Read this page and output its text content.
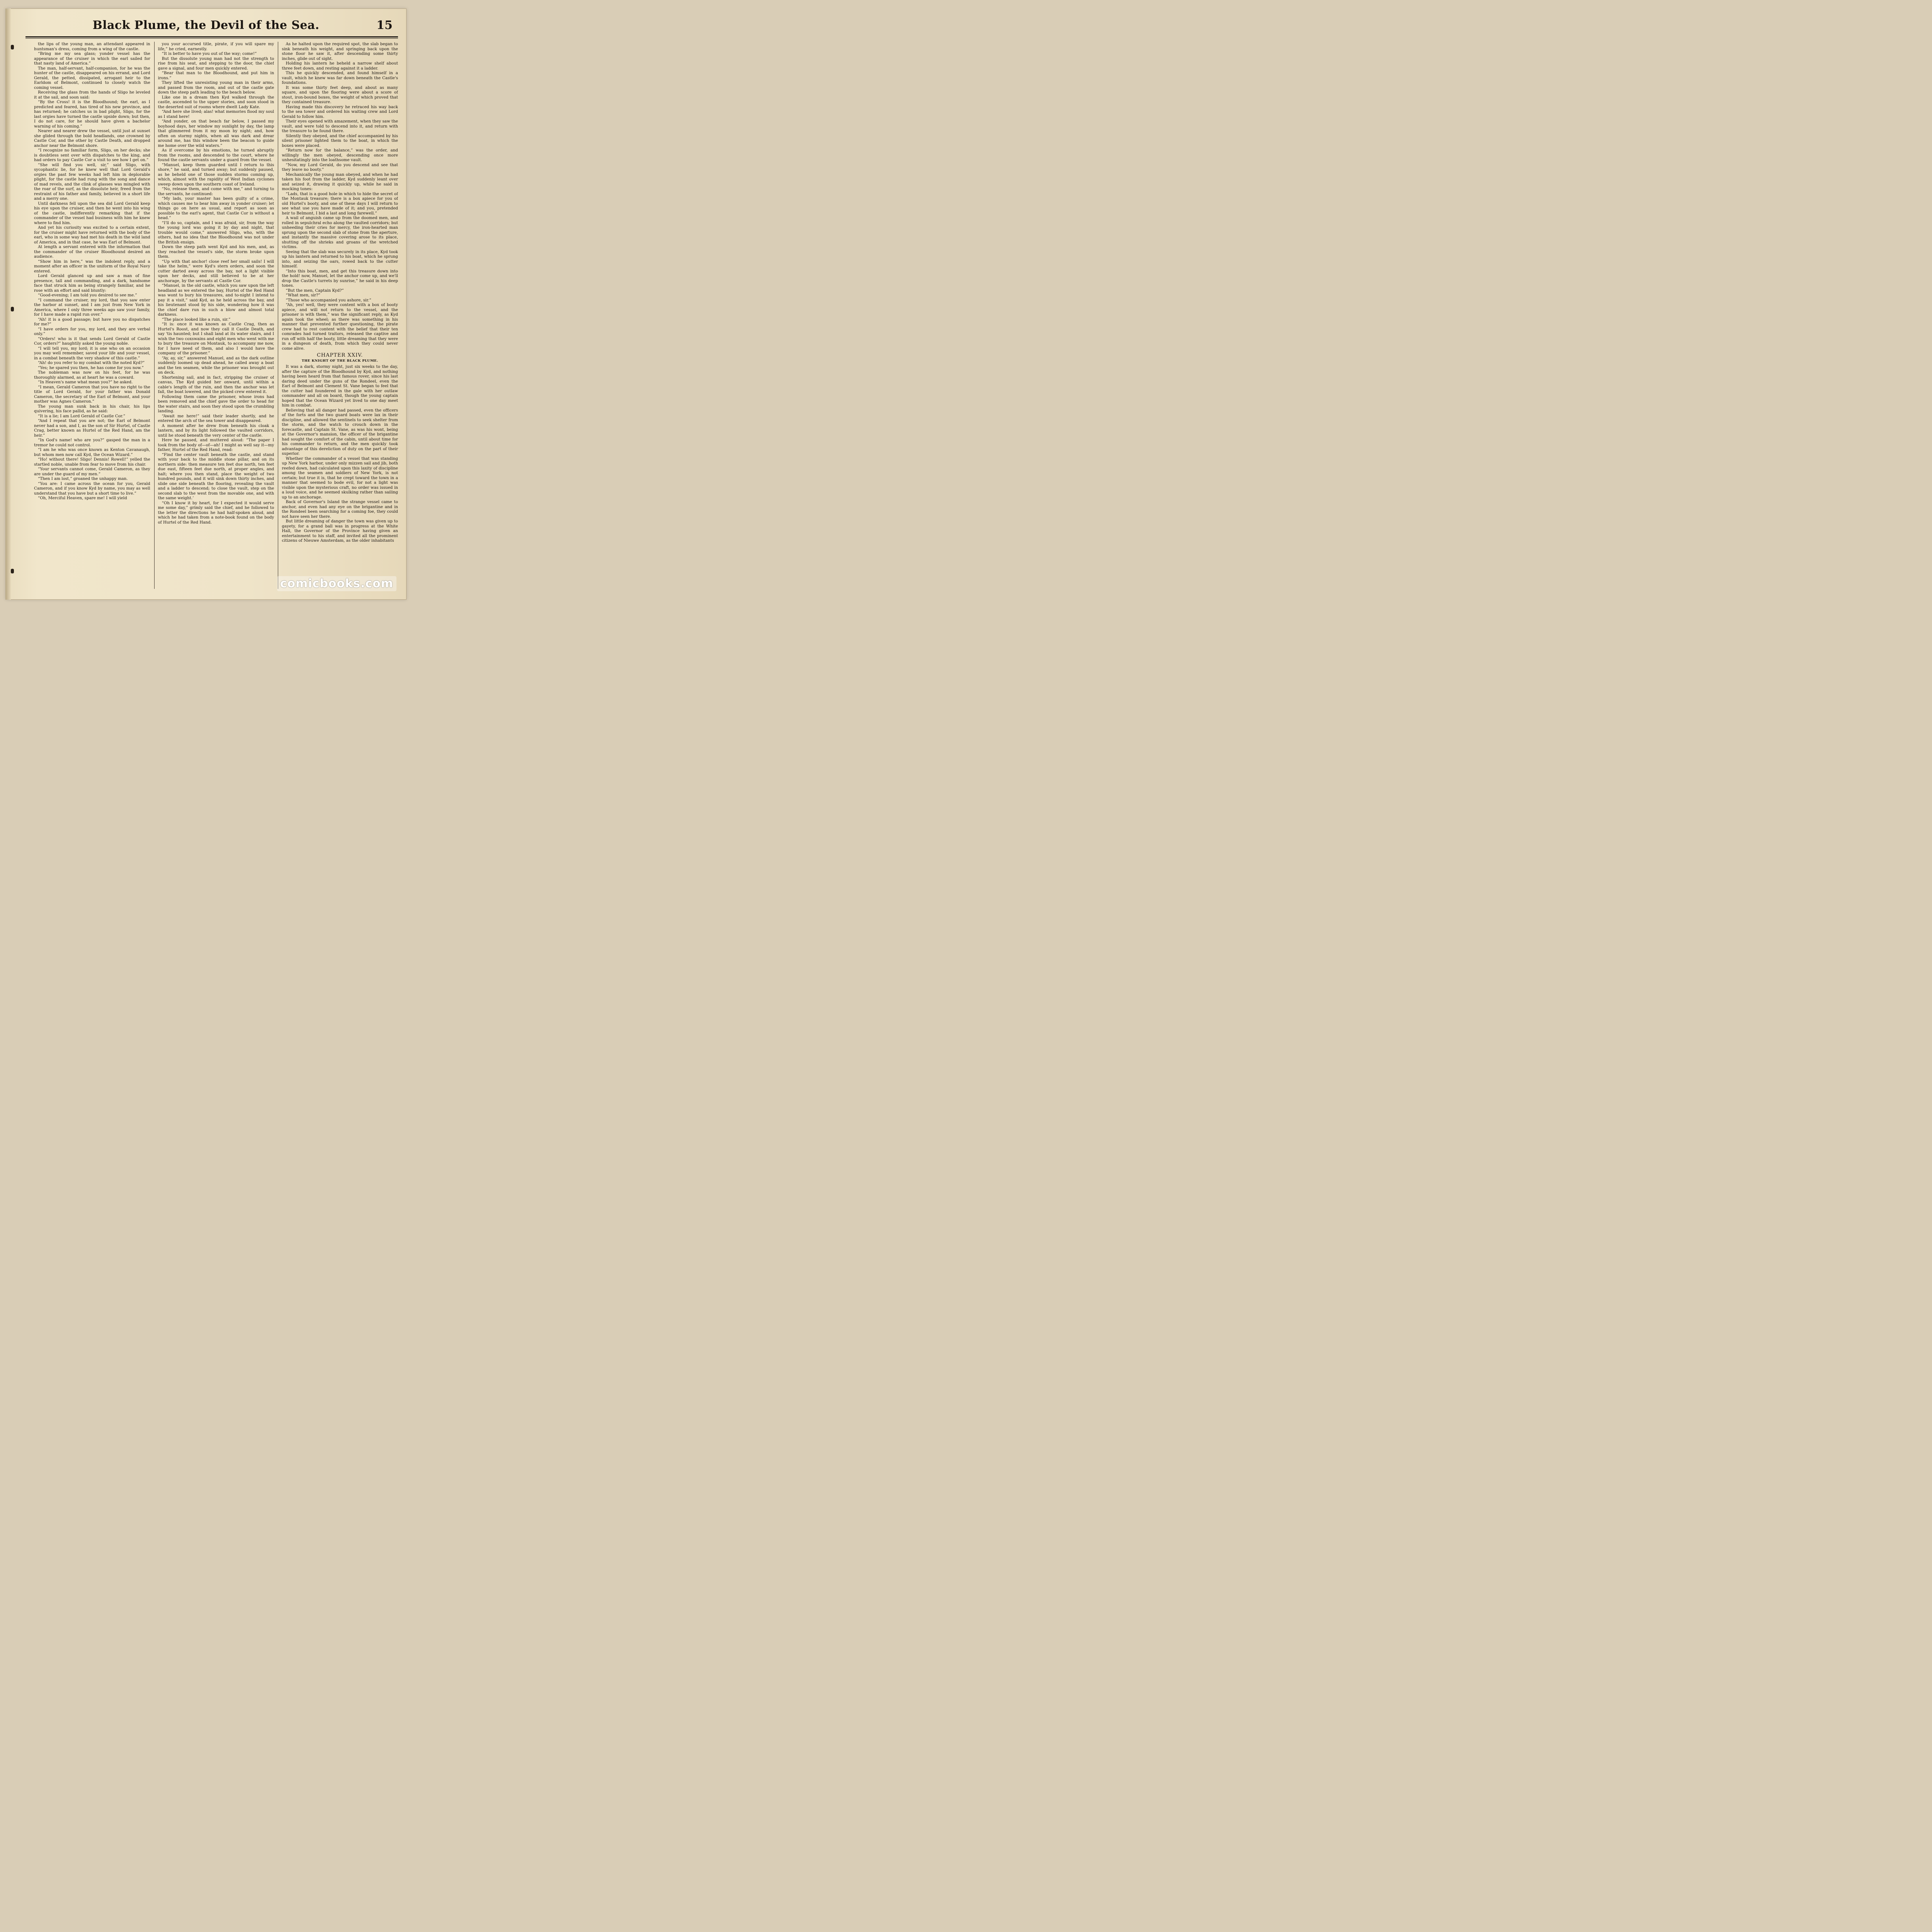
Black Plume, the Devil of the Sea.	15

the lips of the young man, an attendant appeared in huntsman's dress, coming from a wing of the castle.

“Bring me my sea glass; yonder vessel has the appearance of the cruiser in which the earl sailed for that nasty land of America.”

The man, half-servant, half-companion, for he was the hunter of the castle, disappeared on his errand, and Lord Gerald, the petted, dissipated, arrogant heir to the Earldom of Belmont, continued to closely watch the coming vessel.

Receiving the glass from the hands of Sligo he leveled it at the sail, and soon said:

“By the Cross! it is the Bloodhound; the earl, as I predicted and feared, has tired of his new province, and has returned; he catches us in bad plight, Sligo, for the last orgies have turned the castle upside down; but then, I do not care, for he should have given a bachelor warning of his coming.”

Nearer and nearer drew the vessel, until just at sunset she glided through the bold headlands, one crowned by Castle Cor, and the other by Castle Death, and dropped anchor near the Belmont shore.

“I recognize no familiar form, Sligo, on her decks; she is doubtless sent over with dispatches to the king, and had orders to pay Castle Cor a visit to see how I get on.”

“She will find you well, sir,” said Sligo, with sycophantic lie, for he knew well that Lord Gerald's orgies the past few weeks had left him in deplorable plight, for the castle had rung with the song and dance of mad revels, and the clink of glasses was mingled with the roar of the surf, as the dissolute heir, freed from the restraint of his father and family, believed in a short life and a merry one.

Until darkness fell upon the sea did Lord Gerald keep his eye upon the cruiser, and then he went into his wing of the castle, indifferently remarking that if the commander of the vessel had business with him he knew where to find him.

And yet his curiosity was excited to a certain extent, for the cruiser might have returned with the body of the earl, who in some way had met his death in the wild land of America, and in that case, he was Earl of Belmont.

At length a servant entered with the information that the commander of the cruiser Bloodhound desired an audience.

“Show him in here,” was the indolent reply, and a moment after an officer in the uniform of the Royal Navy entered.

Lord Gerald glanced up and saw a man of fine presence, tall and commanding, and a dark, handsome face that struck him as being strangely familiar, and he rose with an effort and said bluntly:

“Good-evening; I am told you desired to see me.”

“I command the cruiser, my lord, that you saw enter the harbor at sunset, and I am just from New York in America, where I only three weeks ago saw your family, for I have made a rapid run over.”

“Ah! it is a good passage; but have you no dispatches for me?”

“I have orders for you, my lord, and they are verbal only.”

“Orders! who is it that sends Lord Gerald of Castle Cor, orders?” haughtily asked the young noble.

“I will tell you, my lord; it is one who on an occasion you may well remember, saved your life and your vessel, in a combat beneath the very shadow of this castle.”

“Ah! do you refer to my combat with the noted Kyd?”

“Yes; he spared you then, he has come for you now.”

The nobleman was now on his feet, for he was thoroughly alarmed, as at heart he was a coward.

“In Heaven's name what mean you?” he asked.

“I mean, Gerald Cameron that you have no right to the title of Lord Gerald, for your father was Donald Cameron, the secretary of the Earl of Belmont, and your mother was Agnes Cameron.”

The young man sunk back in his chair, his lips quivering, his face pallid, as he said:

“It is a lie; I am Lord Gerald of Castle Cor.”

“And I repeat that you are not; the Earl of Belmont never had a son, and I, as the son of Sir Hurtel, of Castle Crag, better known as Hurtel of the Red Hand, am the heir.”

“In God's name! who are you?” gasped the man in a tremor he could not control.

“I am he who was once known as Kenton Cavanaugh, but whom men now call Kyd, the Ocean Wizard.”

“Ho! without there! Sligo! Dennis! Rowell!” yelled the startled noble, unable from fear to move from his chair.

“Your servants cannot come, Gerald Cameron, as they are under the guard of my men.”

“Then I am lost,” groaned the unhappy man.

“You are: I came across the ocean for you, Gerald Cameron, and if you know Kyd by name, you may as well understand that you have but a short time to live.”

“Oh, Merciful Heaven, spare me! I will yield

you your accursed title, pirate, if you will spare my life,” he cried, earnestly.

“It is better to have you out of the way; come!”

But the dissolute young man had not the strength to rise from his seat, and stepping to the door, the chief gave a signal, and four men quickly entered.

“Bear that man to the Bloodhound, and put him in irons.”

They lifted the unresisting young man in their arms, and passed from the room, and out of the castle gate down the steep path leading to the beach below.

Like one in a dream then Kyd walked through the castle, ascended to the upper stories, and soon stood in the deserted suit of rooms where dwelt Lady Kate.

“And here she lived; alas! what memories flood my soul as I stand here!

“And yonder, on that beach far below, I passed my boyhood days, her window my sunlight by day, the lamp that glimmered from it my moon by night; and, how often on stormy nights, when all was dark and drear around me, has this window been the beacon to guide me home over the wild waters.”

As if overcome by his emotions, he turned abruptly from the rooms, and descended to the court, where he found the castle servants under a guard from the vessel.

“Manuel, keep them guarded until I return to this shore,” he said, and turned away; but suddenly paused, as he beheld one of those sudden storms coming up, which, almost with the rapidity of West Indian cyclones sweep down upon the southern coast of Ireland.

“No, release them, and come with me,” and turning to the servants, he continued:

“My lads, your master has been guilty of a crime, which causes me to bear him away in yonder cruiser; let things go on here as usual, and report as soon as possible to the earl's agent, that Castle Cor is without a head.”

“I'll do so, captain, and I was afraid, sir, from the way the young lord was going it by day and night, that trouble would come,” answered Sligo, who, with the others, had no idea that the Bloodhound was not under the British ensign.

Down the steep path went Kyd and his men, and, as they reached the vessel's side, the storm broke upon them.

“Up with that anchor! close reef her small sails! I will take the helm,” were Kyd's stern orders, and soon the cutter darted away across the bay, not a light visible upon her decks, and still believed to be at her anchorage, by the servants at Castle Cor.

“Manuel, in the old castle, which you saw upon the left headland as we entered the bay, Hurtel of the Red Hand was wont to bury his treasures, and to-night I intend to pay it a visit,” said Kyd, as he held across the bay, and his lieutenant stood by his side, wondering how it was the chief dare run in such a blow and almost total darkness.

“The place looked like a ruin, sir.”

“It is: once it was known as Castle Crag, then as Hurtel's Roost, and now they call it Castle Death, and say 'tis haunted; but I shall land at its water stairs, and I wish the two coxswains and eight men who went with me to bury the treasure on Montauk, to accompany me now, for I have need of them, and also I would have the company of the prisoner.”

“Ay, ay, sir,” answered Manuel, and as the dark outline suddenly loomed up dead ahead, he called away a boat and the ten seamen, while the prisoner was brought out on deck.

Shortening sail, and in fact, stripping the cruiser of canvas, The Kyd guided her onward, until within a cable's length of the ruin, and then the anchor was let fall, the boat lowered, and the picked crew entered it.

Following them came the prisoner, whose irons had been removed and the chief gave the order to head for the water stairs, and soon they stood upon the crumbling landing.

“Await me here!” said their leader shortly, and he entered the arch of the sea tower and disappeared.

A moment after he drew from beneath his cloak a lantern, and by its light followed the vaulted corridors, until he stood beneath the very center of the castle.

Here he paused, and muttered aloud: “The paper I took from the body of—of—ah! I might as well say it—my father, Hurtel of the Red Hand, read:

“Find the center vault beneath the castle, and stand with your back to the middle stone pillar, and on its northern side: then measure ten feet due north, ten feet due east, fifteen feet due north, at proper angles, and halt; where you then stand, place the weight of two hundred pounds, and it will sink down thirty inches, and slide one side beneath the flooring, revealing the vault and a ladder to descend; to close the vault, step on the second slab to the west from the movable one, and with the same weight.’

“Oh I know it by heart, for I expected it would serve me some day,” grimly said the chief, and he followed to the letter the directions he had half-spoken aloud, and which he had taken from a note-book found on the body of Hurtel of the Red Hand.

As he halted upon the required spot, the slab began to sink beneath his weight, and springing back upon the stone floor he saw it, after descending some thirty inches, glide out of sight.

Holding his lantern he beheld a narrow shelf about three feet down, and resting against it a ladder.

This he quickly descended, and found himself in a vault, which he knew was far down beneath the Castle's foundations.

It was some thirty feet deep, and about as many square, and upon the flooring were about a score of stout, iron-bound boxes, the weight of which proved that they contained treasure.

Having made this discovery he retraced his way back to the sea tower and ordered his waiting crew and Lord Gerald to follow him.

Their eyes opened with amazement, when they saw the vault, and were told to descend into it, and return with the treasure to be found there.

Silently they obeyed, and the chief accompanied by his silent prisoner lighted them to the boat, in which the boxes were placed.

“Return now for the balance,” was the order, and willingly the men obeyed, descending once more unhesitatingly into the loathsome vault.

“Now, my Lord Gerald, do you descend and see that they leave no booty.”

Mechanically the young man obeyed, and when he had taken his foot from the ladder, Kyd suddenly leant over and seized it, drawing it quickly up, while he said in mocking tones:

“Lads, that is a good hole in which to hide the secret of the Montauk treasure; there is a box apiece for you of old Hurtel's booty, and one of these days I will return to see what use you have made of it; and you, pretended heir to Belmont, I bid a last and long farewell.”

A wail of anguish came up from the doomed men, and rolled in sepulchral echo along the vaulted corridors; but unheeding their cries for mercy, the iron-hearted man sprung upon the second slab of stone from the aperture, and instantly the massive covering arose to its place, shutting off the shrieks and groans of the wretched victims.

Seeing that the slab was securely in its place, Kyd took up his lantern and returned to his boat, which he sprung into, and seizing the oars, rowed back to the cutter himself.

“Into this boat, men, and get this treasure down into the hold! now, Manuel, let the anchor come up, and we'll drop the Castle's turrets by sunrise,” he said in his deep tones.

“But the men, Captain Kyd?”

“What men, sir?”

“Those who accompanied you ashore, sir.”

“Ah, yes! well, they were content with a box of booty apiece, and will not return to the vessel, and the prisoner is with them,” was the significant reply, as Kyd again took the wheel; as there was something in his manner that prevented further questioning, the pirate crew had to rest content with the belief that their ten comrades had turned traitors, released the captive and run off with half the booty, little dreaming that they were in a dungeon of death, from which they could never come alive.

CHAPTER XXIV.
THE KNIGHT OF THE BLACK PLUME.

It was a dark, stormy night, just six weeks to the day, after the capture of the Bloodhound by Kyd, and nothing having been heard from that famous rover, since his last daring deed under the guns of the Rondeel, even the Earl of Belmont and Clement St. Vane began to feel that the cutter had foundered in the gale with her outlaw commander and all on board, though the young captain hoped that the Ocean Wizard yet lived to one day meet him in combat.

Believing that all danger had passed, even the officers of the forts and the two guard boats were lax in their discipline, and allowed the sentinels to seek shelter from the storm, and the watch to crouch down in the forecastle, and Captain St. Vane, as was his wont, being at the Governor's mansion, the officer of the brigantine had sought the comfort of the cabin, until about time for his commander to return, and the men quickly took advantage of this dereliction of duty on the part of their superior.

Whether the commander of a vessel that was standing up New York harbor, under only mizzen sail and jib, both reefed down, had calculated upon this laxity of discipline among the seamen and soldiers of New York, is not certain; but true it is, that he crept toward the town in a manner that seemed to bode evil, for not a light was visible upon the mysterious craft, no order was issued in a loud voice, and he seemed skulking rather than sailing up to an anchorage.

Back of Governor's Island the strange vessel came to anchor, and even had any eye on the brigantine and in the Rondeel been searching for a coming foe, they could not have seen her there.

But little dreaming of danger the town was given up to gayety, for a grand ball was in progress at the White Hall, the Governor of the Province having given an entertainment to his staff, and invited all the prominent citizens of Nieuwe Amsterdam, as the older inhabitants

comicbooks.com
